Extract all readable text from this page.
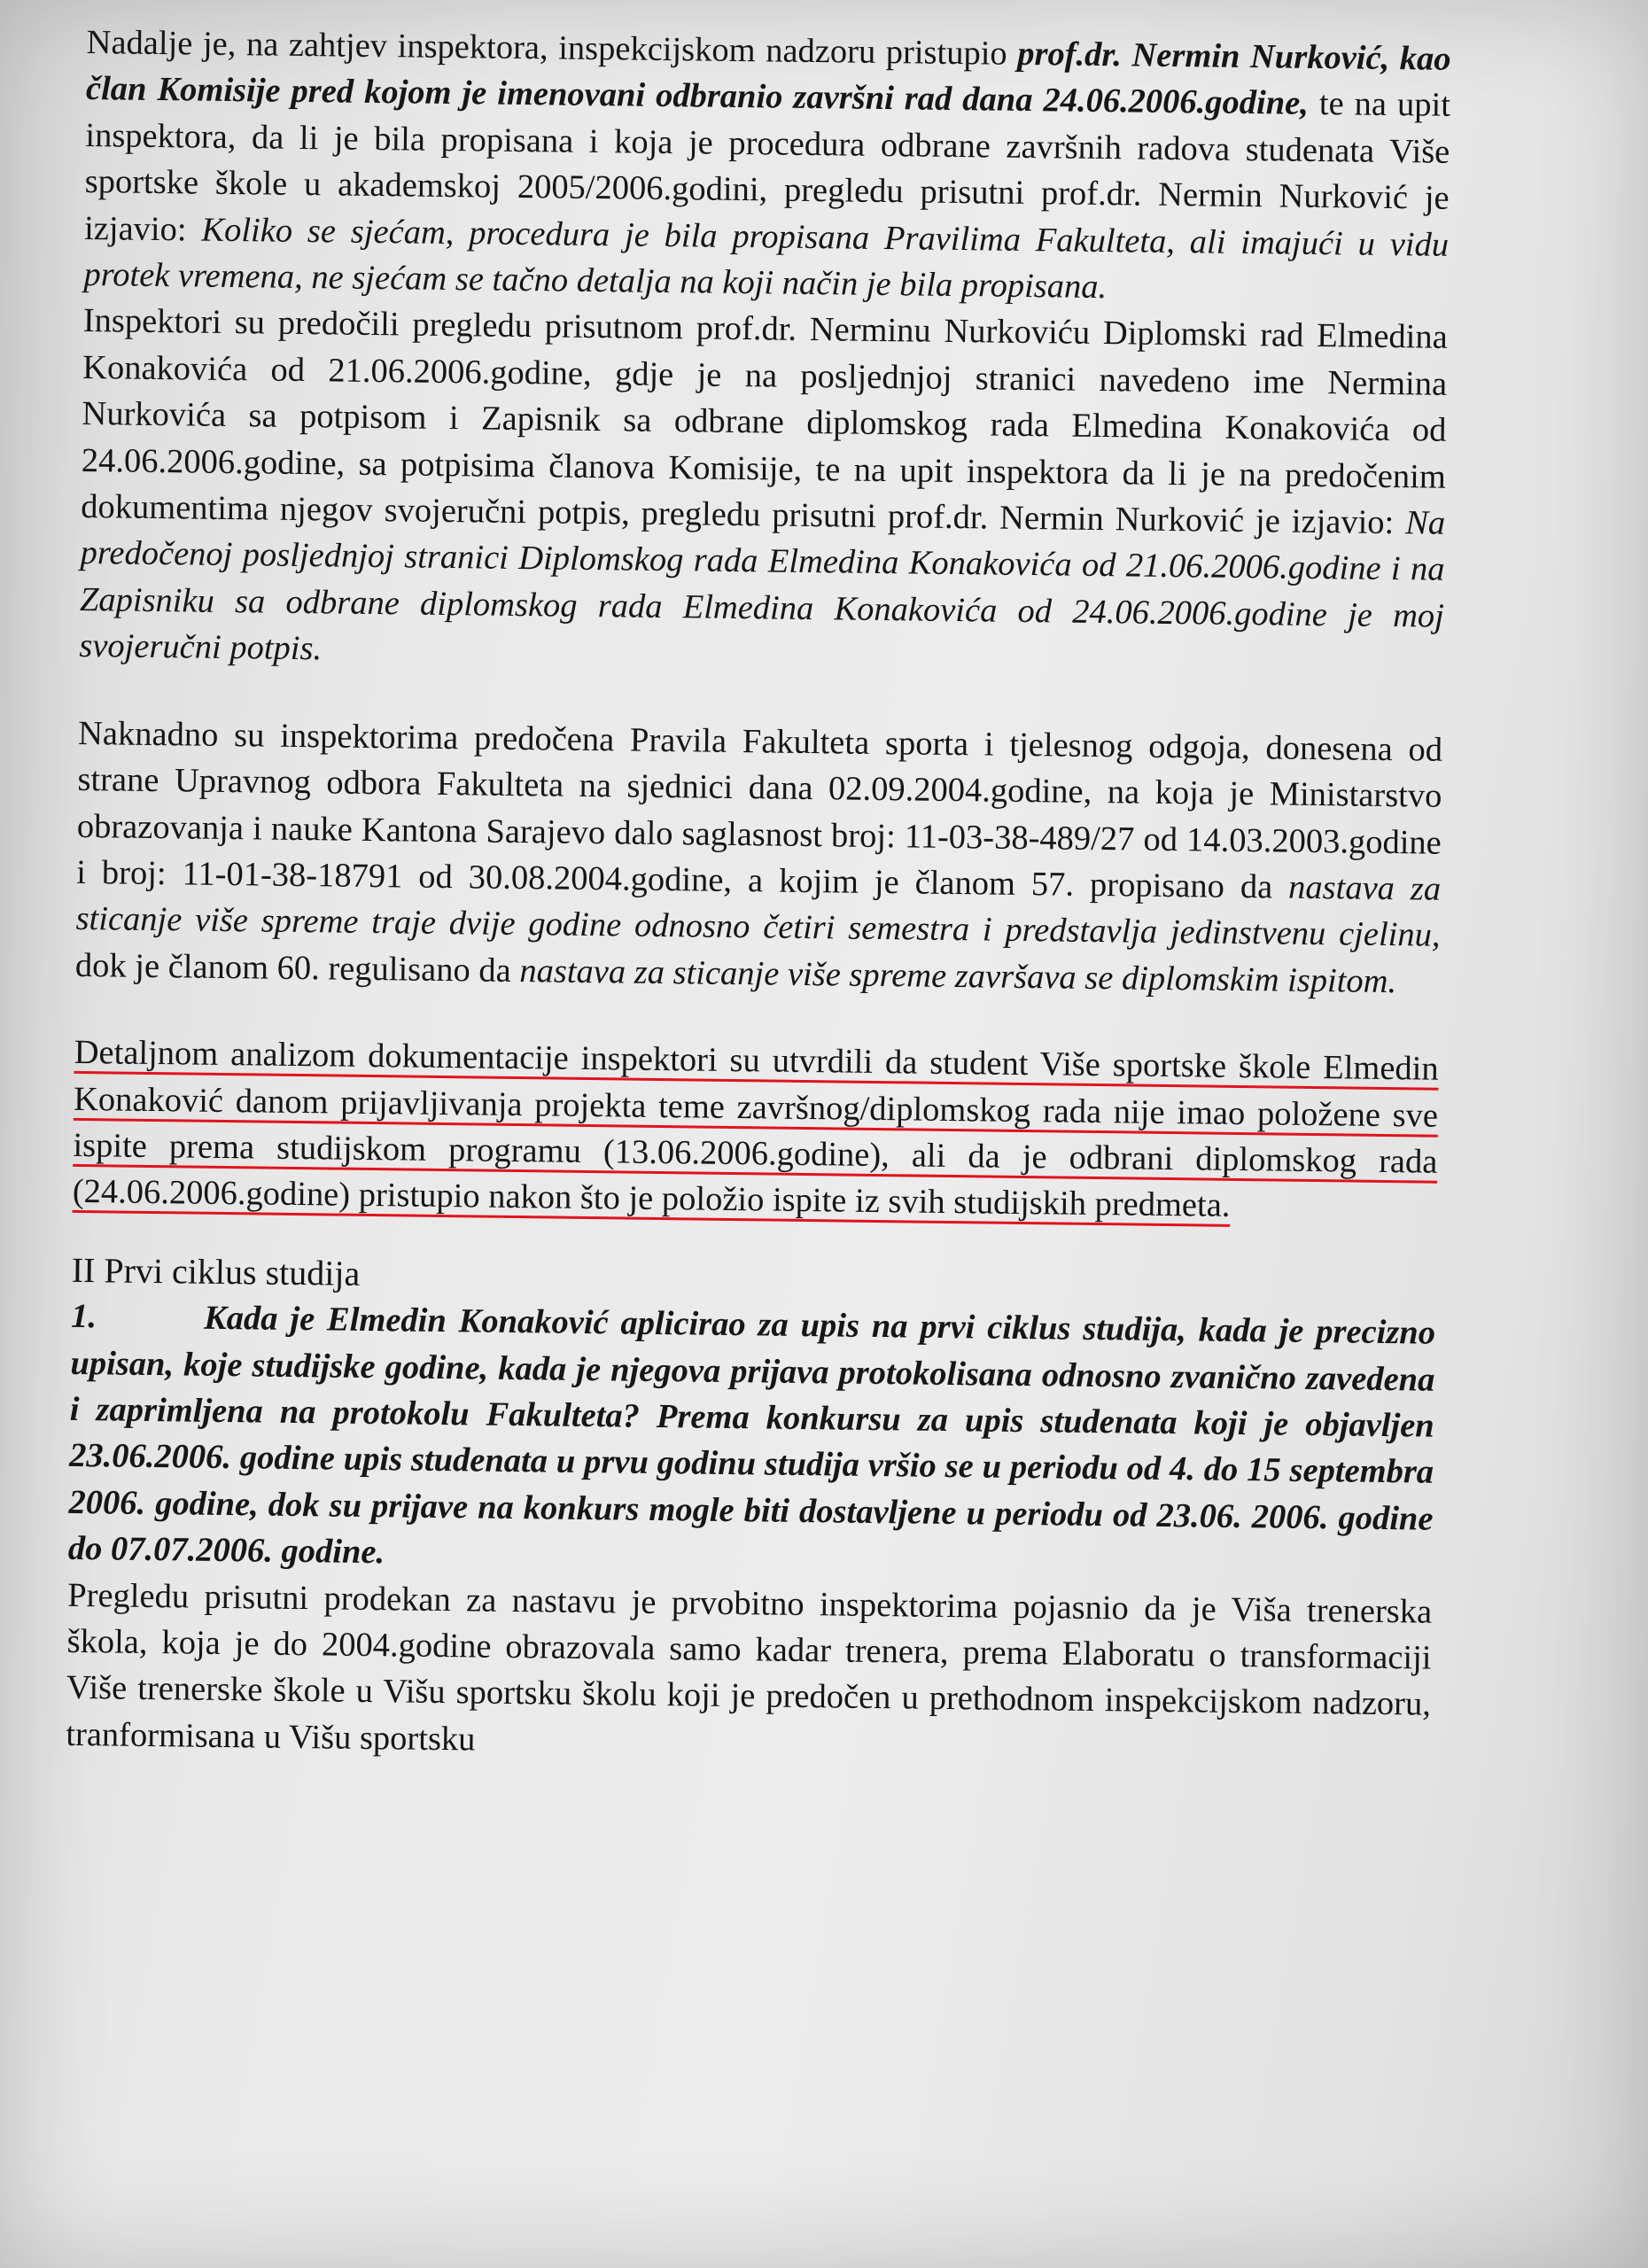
Nadalje je, na zahtjev inspektora, inspekcijskom nadzoru pristupio prof.dr. Nermin Nurković, kao član Komisije pred kojom je imenovani odbranio završni rad dana 24.06.2006.godine, te na upit inspektora, da li je bila propisana i koja je procedura odbrane završnih radova studenata Više sportske škole u akademskoj 2005/2006.godini, pregledu prisutni prof.dr. Nermin Nurković je izjavio: Koliko se sjećam, procedura je bila propisana Pravilima Fakulteta, ali imajući u vidu protek vremena, ne sjećam se tačno detalja na koji način je bila propisana.

Inspektori su predočili pregledu prisutnom prof.dr. Nerminu Nurkoviću Diplomski rad Elmedina Konakovića od 21.06.2006.godine, gdje je na posljednjoj stranici navedeno ime Nermina Nurkovića sa potpisom i Zapisnik sa odbrane diplomskog rada Elmedina Konakovića od 24.06.2006.godine, sa potpisima članova Komisije, te na upit inspektora da li je na predočenim dokumentima njegov svojeručni potpis, pregledu prisutni prof.dr. Nermin Nurković je izjavio: Na predočenoj posljednjoj stranici Diplomskog rada Elmedina Konakovića od 21.06.2006.godine i na Zapisniku sa odbrane diplomskog rada Elmedina Konakovića od 24.06.2006.godine je moj svojeručni potpis.

Naknadno su inspektorima predočena Pravila Fakulteta sporta i tjelesnog odgoja, donesena od strane Upravnog odbora Fakulteta na sjednici dana 02.09.2004.godine, na koja je Ministarstvo obrazovanja i nauke Kantona Sarajevo dalo saglasnost broj: 11-03-38-489/27 od 14.03.2003.godine i broj: 11-01-38-18791 od 30.08.2004.godine, a kojim je članom 57. propisano da nastava za sticanje više spreme traje dvije godine odnosno četiri semestra i predstavlja jedinstvenu cjelinu, dok je članom 60. regulisano da nastava za sticanje više spreme završava se diplomskim ispitom.

Detaljnom analizom dokumentacije inspektori su utvrdili da student Više sportske škole Elmedin Konaković danom prijavljivanja projekta teme završnog/diplomskog rada nije imao položene sve ispite prema studijskom programu (13.06.2006.godine), ali da je odbrani diplomskog rada (24.06.2006.godine) pristupio nakon što je položio ispite iz svih studijskih predmeta.

II Prvi ciklus studija

1.	Kada je Elmedin Konaković aplicirao za upis na prvi ciklus studija, kada je precizno upisan, koje studijske godine, kada je njegova prijava protokolisana odnosno zvanično zavedena i zaprimljena na protokolu Fakulteta? Prema konkursu za upis studenata koji je objavljen 23.06.2006. godine upis studenata u prvu godinu studija vršio se u periodu od 4. do 15 septembra 2006. godine, dok su prijave na konkurs mogle biti dostavljene u periodu od 23.06. 2006. godine do 07.07.2006. godine.

Pregledu prisutni prodekan za nastavu je prvobitno inspektorima pojasnio da je Viša trenerska škola, koja je do 2004.godine obrazovala samo kadar trenera, prema Elaboratu o transformaciji Više trenerske škole u Višu sportsku školu koji je predočen u prethodnom inspekcijskom nadzoru, tranformisana u Višu sportsku
